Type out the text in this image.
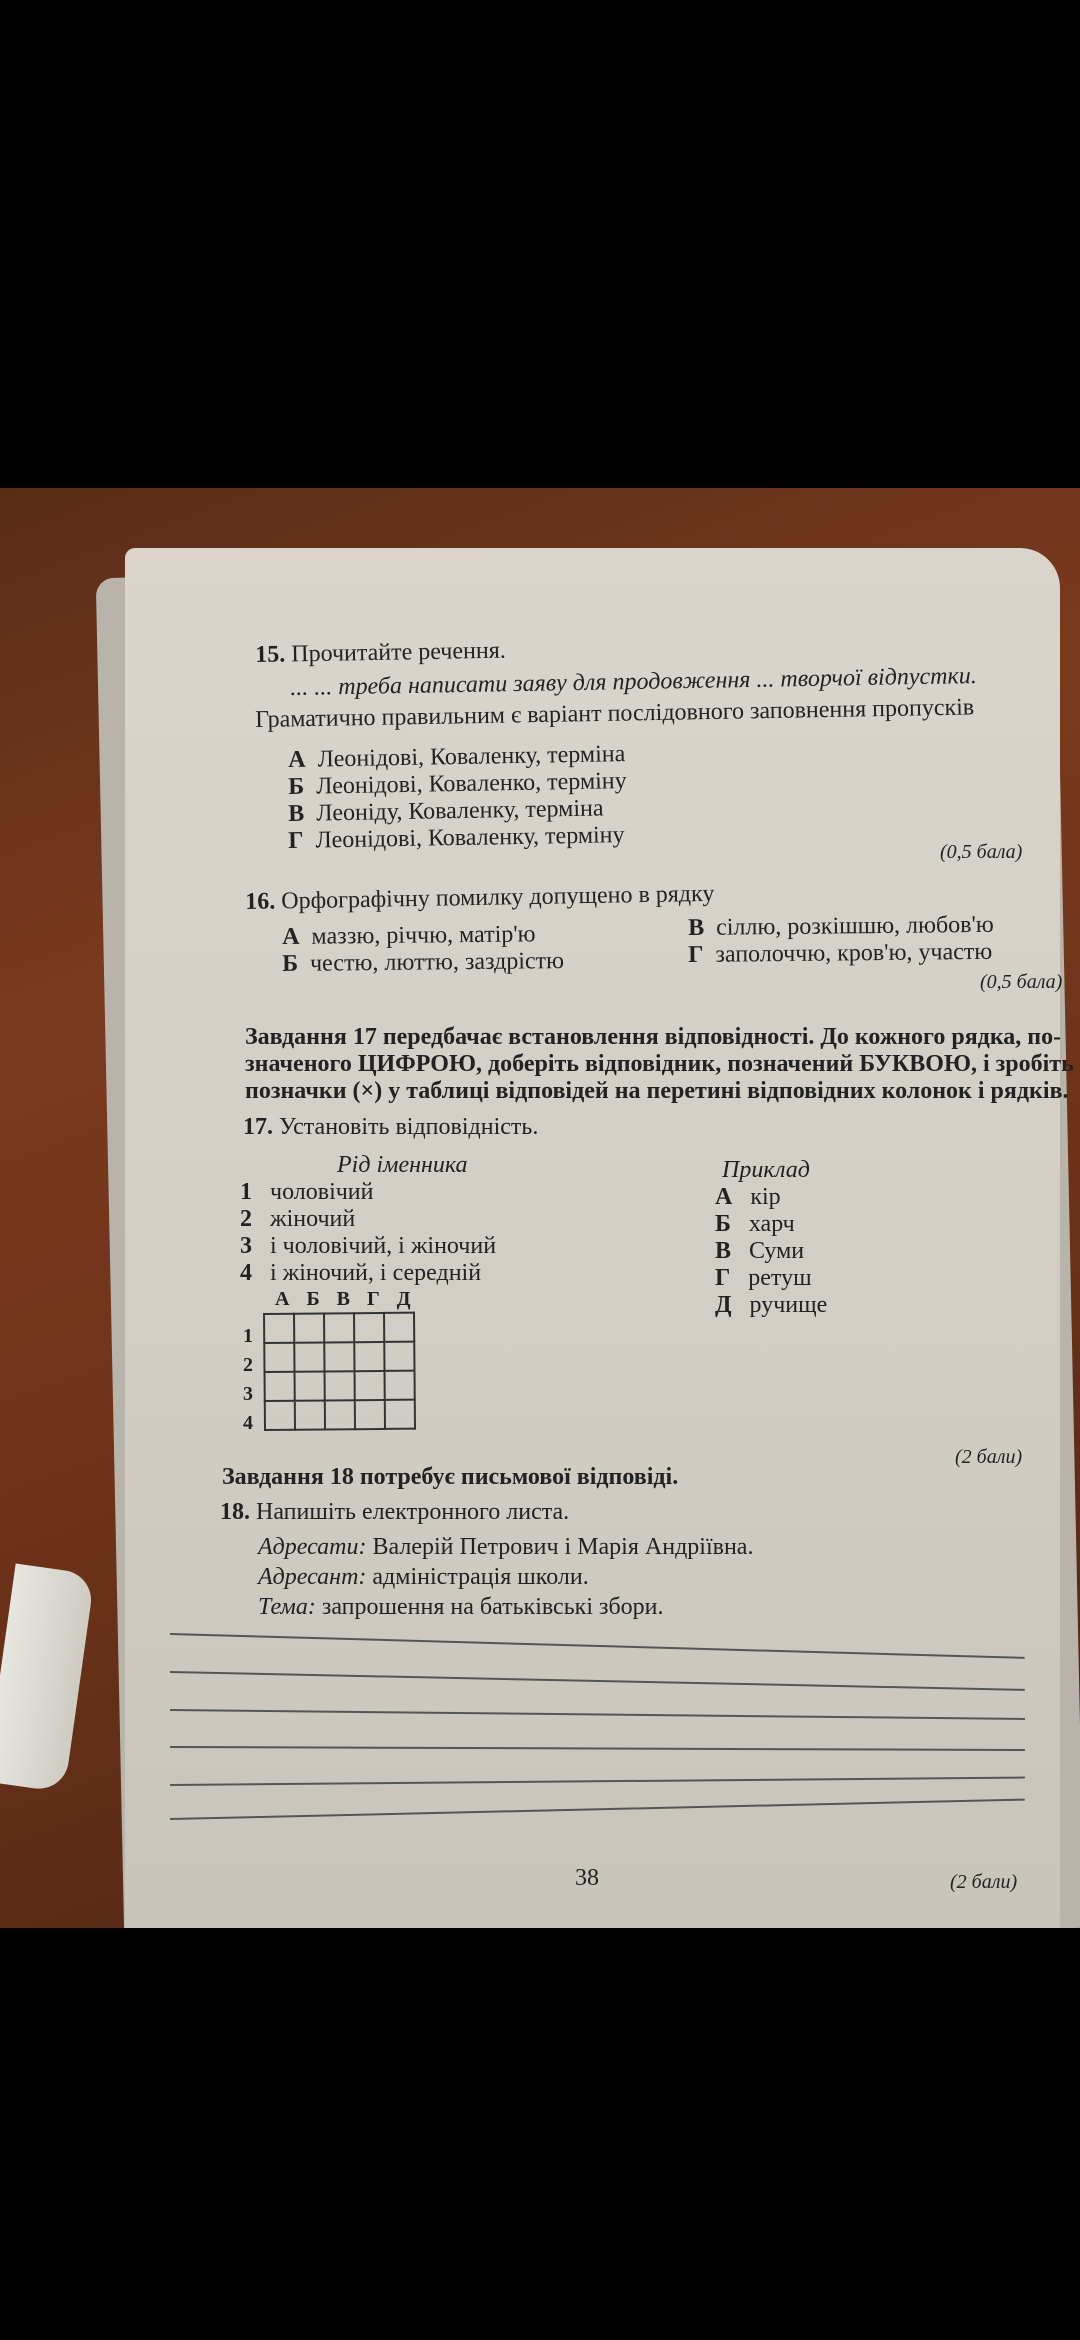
15. Прочитайте речення.
... ... треба написати заяву для продовження ... творчої відпустки.
Граматично правильним є варіант послідовного заповнення пропусків
А Леонідові, Коваленку, терміна
Б Леонідові, Коваленко, терміну
В Леоніду, Коваленку, терміна
Г Леонідові, Коваленку, терміну	(0,5 бала)
16. Орфографічну помилку допущено в рядку
А маззю, річчю, матір'ю
Б честю, люттю, заздрістю
В сіллю, розкішшю, любов'ю
Г заполоччю, кров'ю, участю
(0,5 бала)
Завдання 17 передбачає встановлення відповідності. До кожного рядка, по-
значеного ЦИФРОЮ, доберіть відповідник, позначений БУКВОЮ, і зробіть
позначки (×) у таблиці відповідей на перетині відповідних колонок і рядків.
17. Установіть відповідність.
Рід іменника
1 чоловічий
2 жіночий
3 і чоловічий, і жіночий
4 і жіночий, і середній
Приклад
А кір
Б харч
В Суми
Г ретуш
Д ручище
А Б В Г Д
1
2
3
4

(2 бали)
Завдання 18 потребує письмової відповіді.
18. Напишіть електронного листа.
Адресати: Валерій Петрович і Марія Андріївна.
Адресант: адміністрація школи.
Тема: запрошення на батьківські збори.
38	(2 бали)
